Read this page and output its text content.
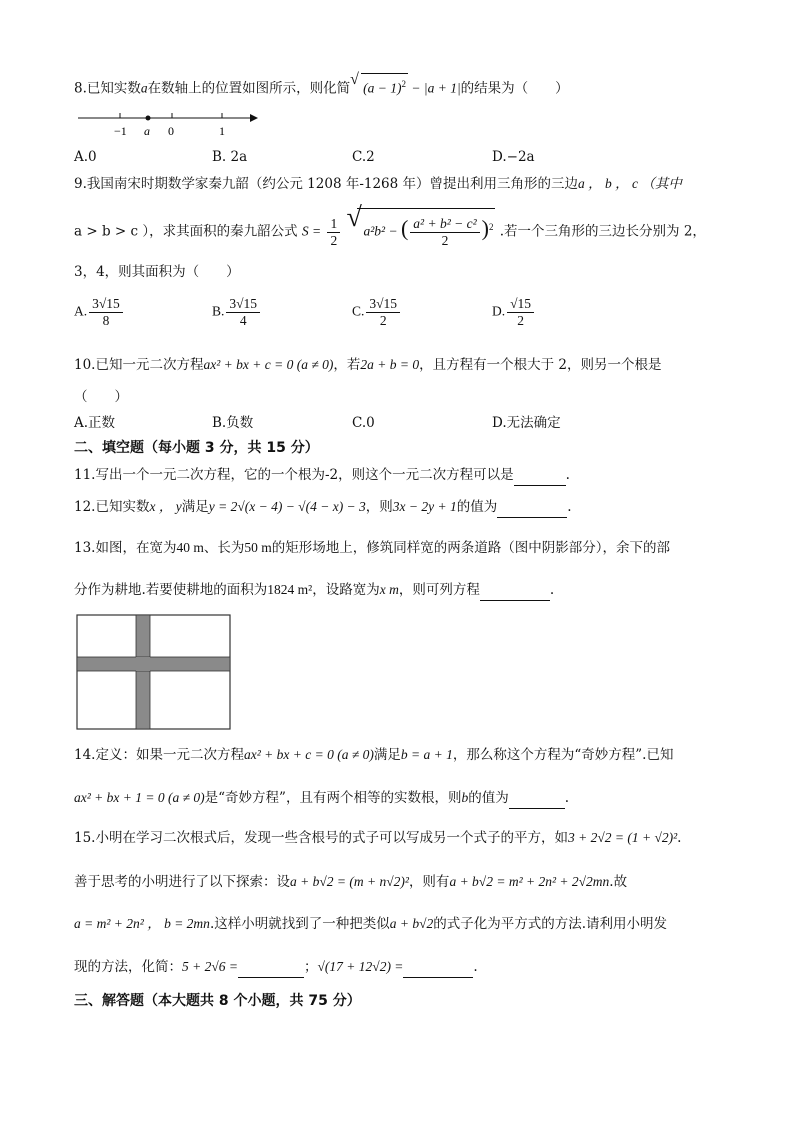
8.已知实数a在数轴上的位置如图所示，则化简
√ $(a - 1)^2 - |a + 1|$的结果为（　　）
−1 a 0	1
A.0	B. 2a	C.2	D.−2a
9.我国南宋时期数学家秦九韶（约公元 1208 年-1268 年）曾提出利用三角形的三边a ， b ， c （其中
a > b > c ），求其面积的秦九韶公式 $S = \frac{1}{2}$
√ a²b² − ( $\frac{\text{a² + b² − c²}}{2} )^2$ .若一个三角形的三边长分别为 2，
3，4，则其面积为（　　）
A. $\frac{3√15}{8}$	B. $\frac{3√15}{4}$	C. $\frac{3√15}{2}$	D. $\frac{√15}{2}$
10.已知一元二次方程ax² + bx + c = 0 (a ≠ 0)，若2a + b = 0，且方程有一个根大于 2，则另一个根是
（　　）
A.正数	B.负数	C.0	D.无法确定
二、填空题（每小题 3 分，共 15 分）
11.写出一个一元二次方程，它的一个根为-2，则这个一元二次方程可以是	.
12.已知实数x ， y满足y = 2√(x − 4) − √(4 − x) − 3，则3x − 2y + 1的值为	.
13.如图，在宽为40 m、长为50 m的矩形场地上，修筑同样宽的两条道路（图中阴影部分），余下的部
分作为耕地.若要使耕地的面积为1824 m²，设路宽为x m，则可列方程	.
14.定义：如果一元二次方程ax² + bx + c = 0 (a ≠ 0)满足b = a + 1，那么称这个方程为“奇妙方程”.已知
ax² + bx + 1 = 0 (a ≠ 0)是“奇妙方程”，且有两个相等的实数根，则b的值为	.
15.小明在学习二次根式后，发现一些含根号的式子可以写成另一个式子的平方，如3 + 2√2 = (1 + √2)².
善于思考的小明进行了以下探索：设a + b√2 = (m + n√2)²，则有a + b√2 = m² + 2n² + 2√2mn.故
a = m² + 2n² ， b = 2mn.这样小明就找到了一种把类似a + b√2的式子化为平方式的方法.请利用小明发
现的方法，化简：5 + 2√6 =	；√(17 + 12√2) =	.
三、解答题（本大题共 8 个小题，共 75 分）
